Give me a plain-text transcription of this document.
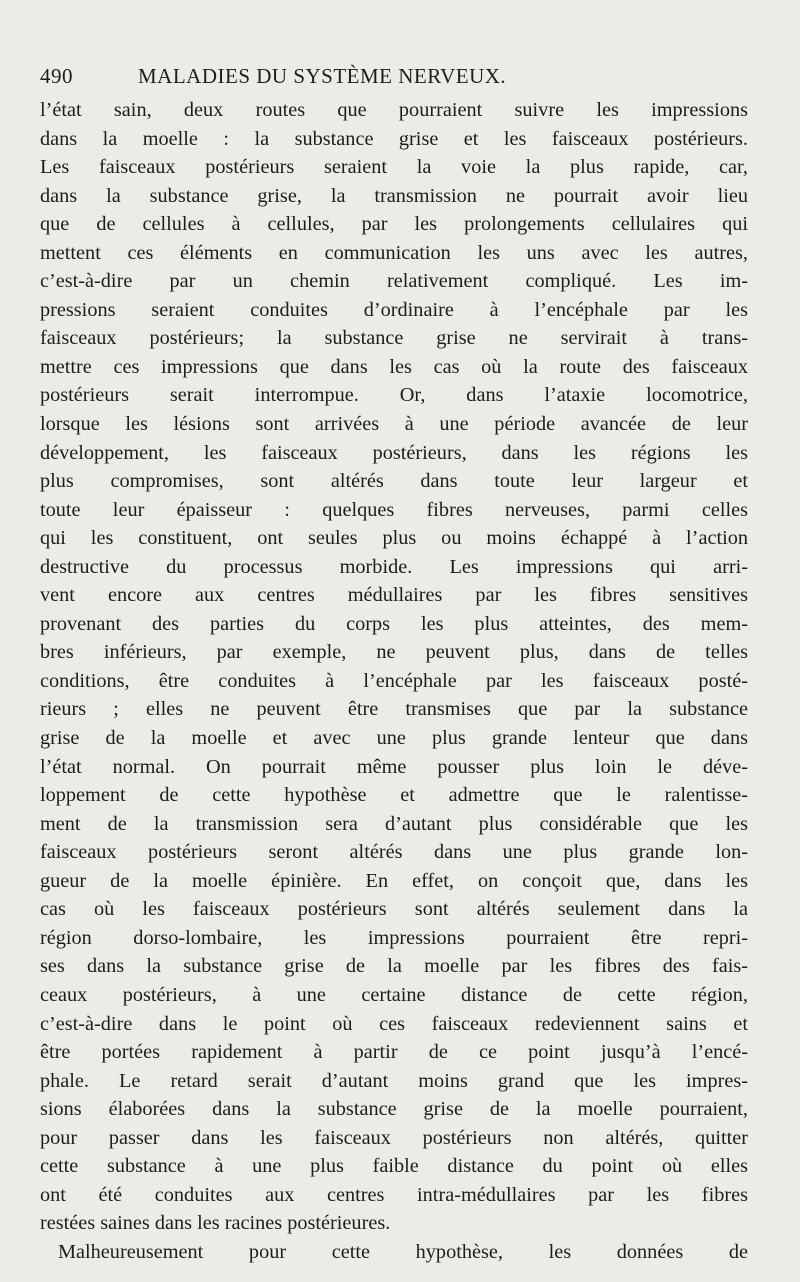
490	MALADIES DU SYSTÈME NERVEUX.
l’état sain, deux routes que pourraient suivre les impressions
dans la moelle : la substance grise et les faisceaux postérieurs.
Les faisceaux postérieurs seraient la voie la plus rapide, car,
dans la substance grise, la transmission ne pourrait avoir lieu
que de cellules à cellules, par les prolongements cellulaires qui
mettent ces éléments en communication les uns avec les autres,
c’est-à-dire par un chemin relativement compliqué. Les im-
pressions seraient conduites d’ordinaire à l’encéphale par les
faisceaux postérieurs; la substance grise ne servirait à trans-
mettre ces impressions que dans les cas où la route des faisceaux
postérieurs serait interrompue. Or, dans l’ataxie locomotrice,
lorsque les lésions sont arrivées à une période avancée de leur
développement, les faisceaux postérieurs, dans les régions les
plus compromises, sont altérés dans toute leur largeur et
toute leur épaisseur : quelques fibres nerveuses, parmi celles
qui les constituent, ont seules plus ou moins échappé à l’action
destructive du processus morbide. Les impressions qui arri-
vent encore aux centres médullaires par les fibres sensitives
provenant des parties du corps les plus atteintes, des mem-
bres inférieurs, par exemple, ne peuvent plus, dans de telles
conditions, être conduites à l’encéphale par les faisceaux posté-
rieurs ; elles ne peuvent être transmises que par la substance
grise de la moelle et avec une plus grande lenteur que dans
l’état normal. On pourrait même pousser plus loin le déve-
loppement de cette hypothèse et admettre que le ralentisse-
ment de la transmission sera d’autant plus considérable que les
faisceaux postérieurs seront altérés dans une plus grande lon-
gueur de la moelle épinière. En effet, on conçoit que, dans les
cas où les faisceaux postérieurs sont altérés seulement dans la
région dorso-lombaire, les impressions pourraient être repri-
ses dans la substance grise de la moelle par les fibres des fais-
ceaux postérieurs, à une certaine distance de cette région,
c’est-à-dire dans le point où ces faisceaux redeviennent sains et
être portées rapidement à partir de ce point jusqu’à l’encé-
phale. Le retard serait d’autant moins grand que les impres-
sions élaborées dans la substance grise de la moelle pourraient,
pour passer dans les faisceaux postérieurs non altérés, quitter
cette substance à une plus faible distance du point où elles
ont été conduites aux centres intra-médullaires par les fibres
restées saines dans les racines postérieures.
Malheureusement pour cette hypothèse, les données de
